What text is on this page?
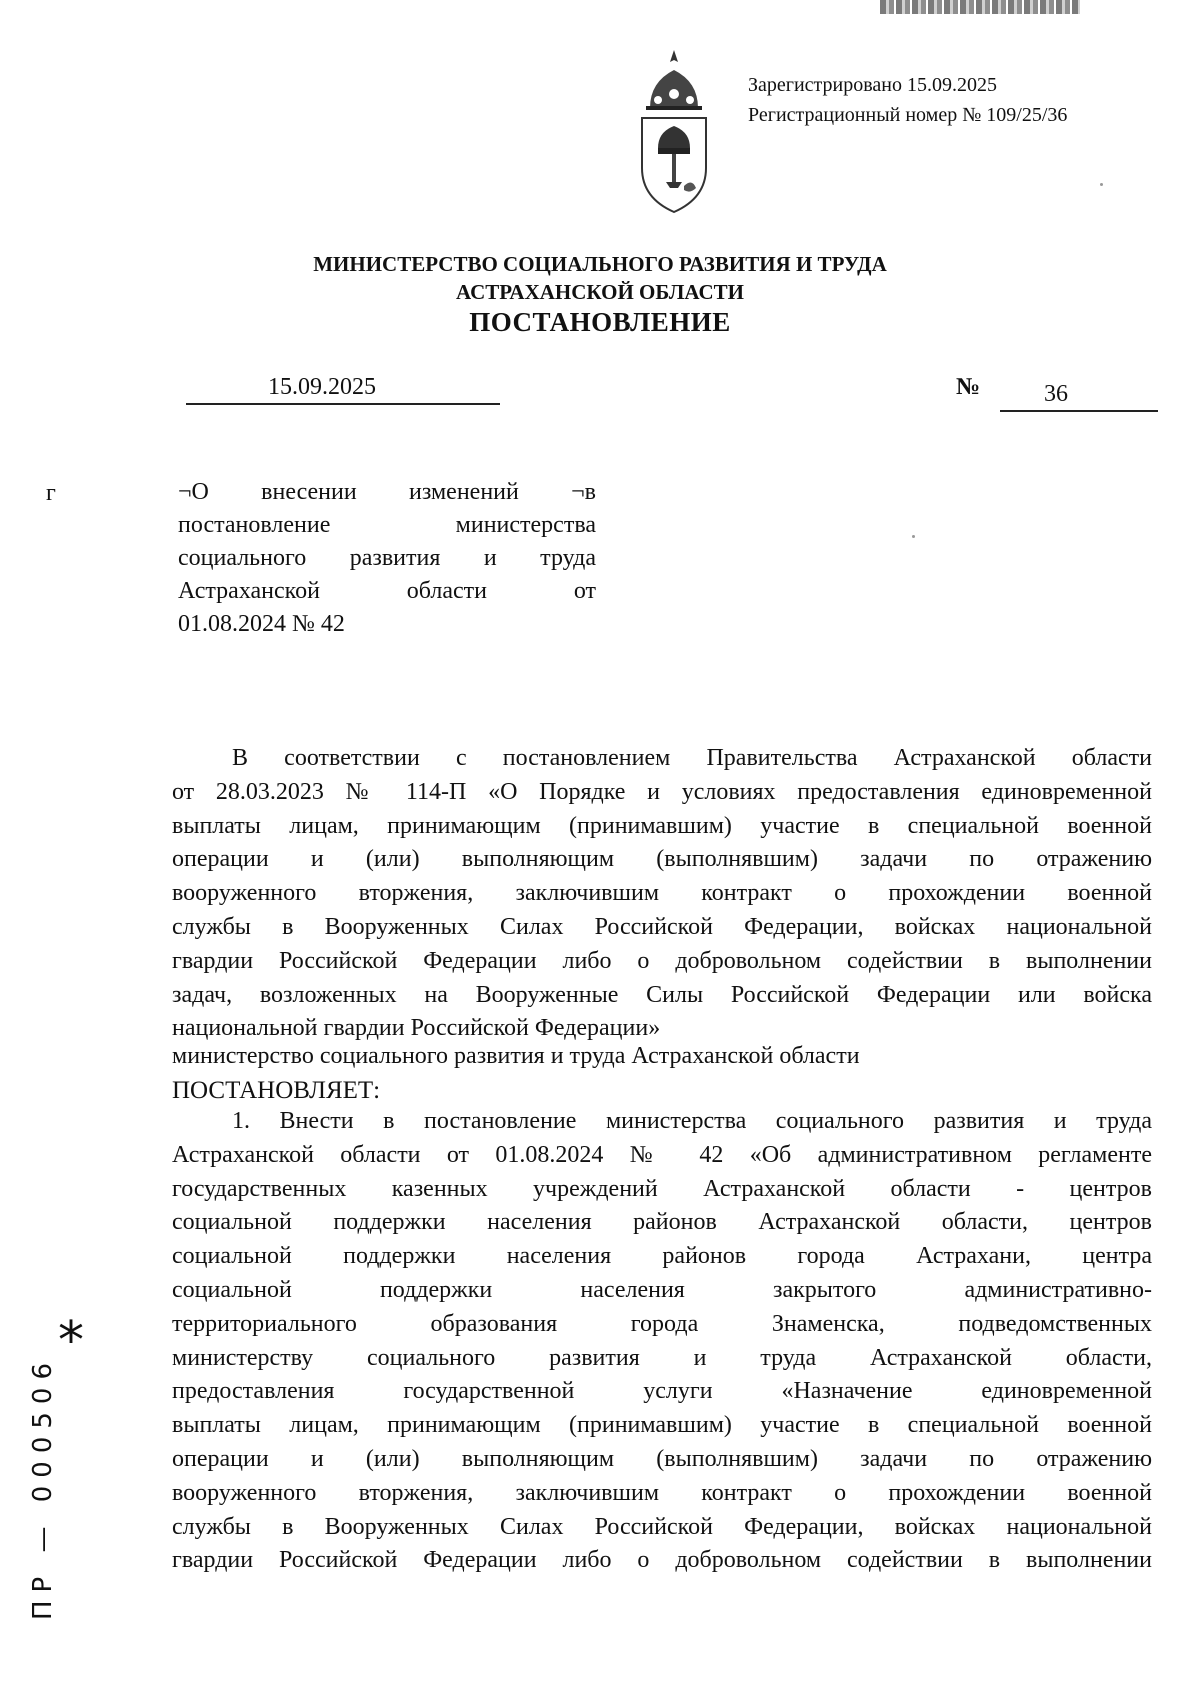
Зарегистрировано 15.09.2025
Регистрационный номер № 109/25/36
МИНИСТЕРСТВО СОЦИАЛЬНОГО РАЗВИТИЯ И ТРУДА
АСТРАХАНСКОЙ ОБЛАСТИ
ПОСТАНОВЛЕНИЕ
15.09.2025	№	36
г	¬О внесении изменений ¬в
постановление министерства
социального развития и труда
Астраханской области от
01.08.2024 № 42
В соответствии с постановлением Правительства Астраханской области
от 28.03.2023 № 114-П «О Порядке и условиях предоставления единовременной
выплаты лицам, принимающим (принимавшим) участие в специальной военной
операции и (или) выполняющим (выполнявшим) задачи по отражению
вооруженного вторжения, заключившим контракт о прохождении военной
службы в Вооруженных Силах Российской Федерации, войсках национальной
гвардии Российской Федерации либо о добровольном содействии в выполнении
задач, возложенных на Вооруженные Силы Российской Федерации или войска
национальной гвардии Российской Федерации»
министерство социального развития и труда Астраханской области
ПОСТАНОВЛЯЕТ:
1. Внести в постановление министерства социального развития и труда
Астраханской области от 01.08.2024 № 42 «Об административном регламенте
государственных казенных учреждений Астраханской области - центров
социальной поддержки населения районов Астраханской области, центров
социальной поддержки населения районов города Астрахани, центра
социальной поддержки населения закрытого административно-
территориального образования города Знаменска, подведомственных
министерству социального развития и труда Астраханской области,
предоставления государственной услуги «Назначение единовременной
выплаты лицам, принимающим (принимавшим) участие в специальной военной
операции и (или) выполняющим (выполнявшим) задачи по отражению
вооруженного вторжения, заключившим контракт о прохождении военной
службы в Вооруженных Силах Российской Федерации, войсках национальной
гвардии Российской Федерации либо о добровольном содействии в выполнении
*
ПР — 000506
